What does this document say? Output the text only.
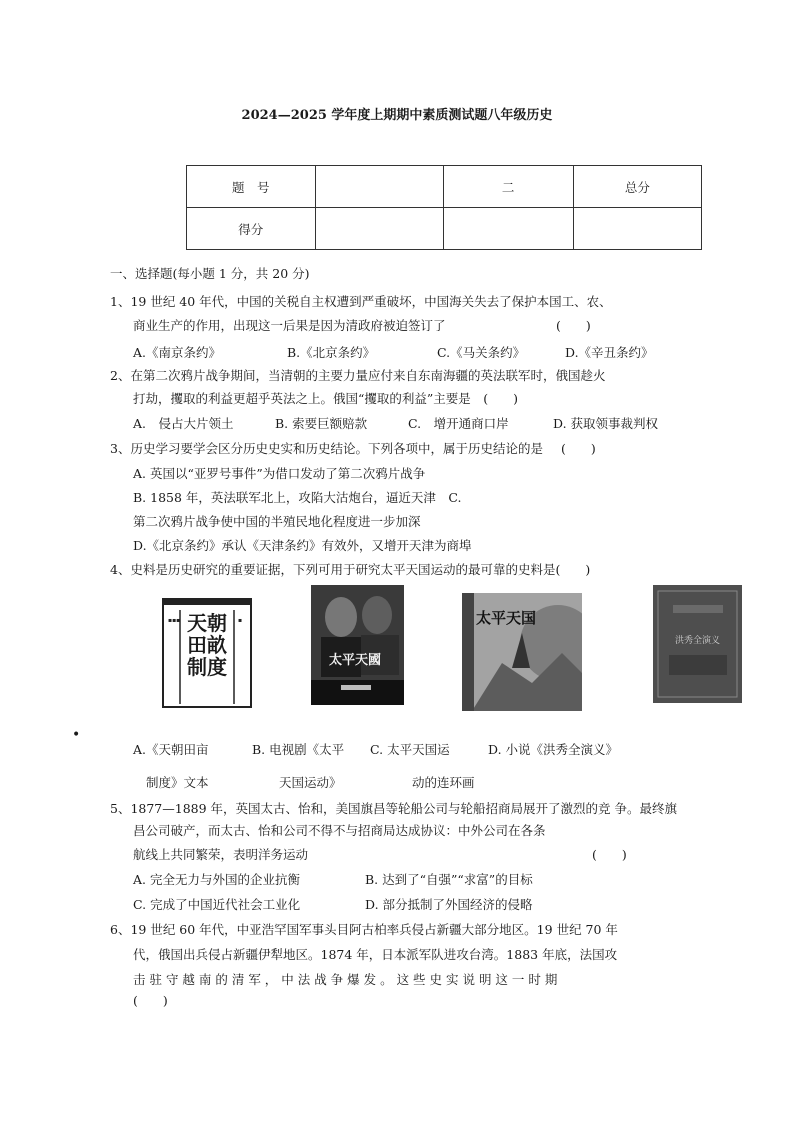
2024—2025 学年度上期期中素质测试题八年级历史
题　号		二	总分
得分			
一、选择题(每小题 1 分，共 20 分)
1、19 世纪 40 年代，中国的关税自主权遭到严重破坏，中国海关失去了保护本国工、农、
商业生产的作用，出现这一后果是因为清政府被迫签订了	(　　)
A.《南京条约》	B.《北京条约》	C.《马关条约》	D.《辛丑条约》
2、在第二次鸦片战争期间，当清朝的主要力量应付来自东南海疆的英法联军时，俄国趁火
打劫，攫取的利益更超乎英法之上。俄国“攫取的利益”主要是　(　　)
A.　侵占大片领土	B. 索要巨额赔款	C.　增开通商口岸	D. 获取领事裁判权
3、历史学习要学会区分历史史实和历史结论。下列各项中，属于历史结论的是 (　　)
A. 英国以“亚罗号事件”为借口发动了第二次鸦片战争
B. 1858 年，英法联军北上，攻陷大沽炮台，逼近天津　C.
第二次鸦片战争使中国的半殖民地化程度进一步加深
D.《北京条约》承认《天津条约》有效外，又增开天津为商埠
4、史料是历史研究的重要证据，下列可用于研究太平天国运动的最可靠的史料是(　　)
▪▪▪	▪
天朝田畝制度	太平天國
太平天国
洪秀全演义
•
A.《天朝田亩	B. 电视剧《太平 C. 太平天国运	D. 小说《洪秀全演义》
制度》文本	天国运动》	动的连环画
5、1877—1889 年，英国太古、怡和，美国旗昌等轮船公司与轮船招商局展开了激烈的竞 争。最终旗
昌公司破产，而太古、怡和公司不得不与招商局达成协议：中外公司在各条
航线上共同繁荣，表明洋务运动	(　　)
A. 完全无力与外国的企业抗衡	B. 达到了“自强”“求富”的目标
C. 完成了中国近代社会工业化	D. 部分抵制了外国经济的侵略
6、19 世纪 60 年代，中亚浩罕国军事头目阿古柏率兵侵占新疆大部分地区。19 世纪 70 年
代，俄国出兵侵占新疆伊犁地区。1874 年，日本派军队进攻台湾。1883 年底，法国攻
击 驻 守 越 南 的 清 军 ， 中 法 战 争 爆 发 。 这 些 史 实 说 明 这 一 时 期
(　　)
